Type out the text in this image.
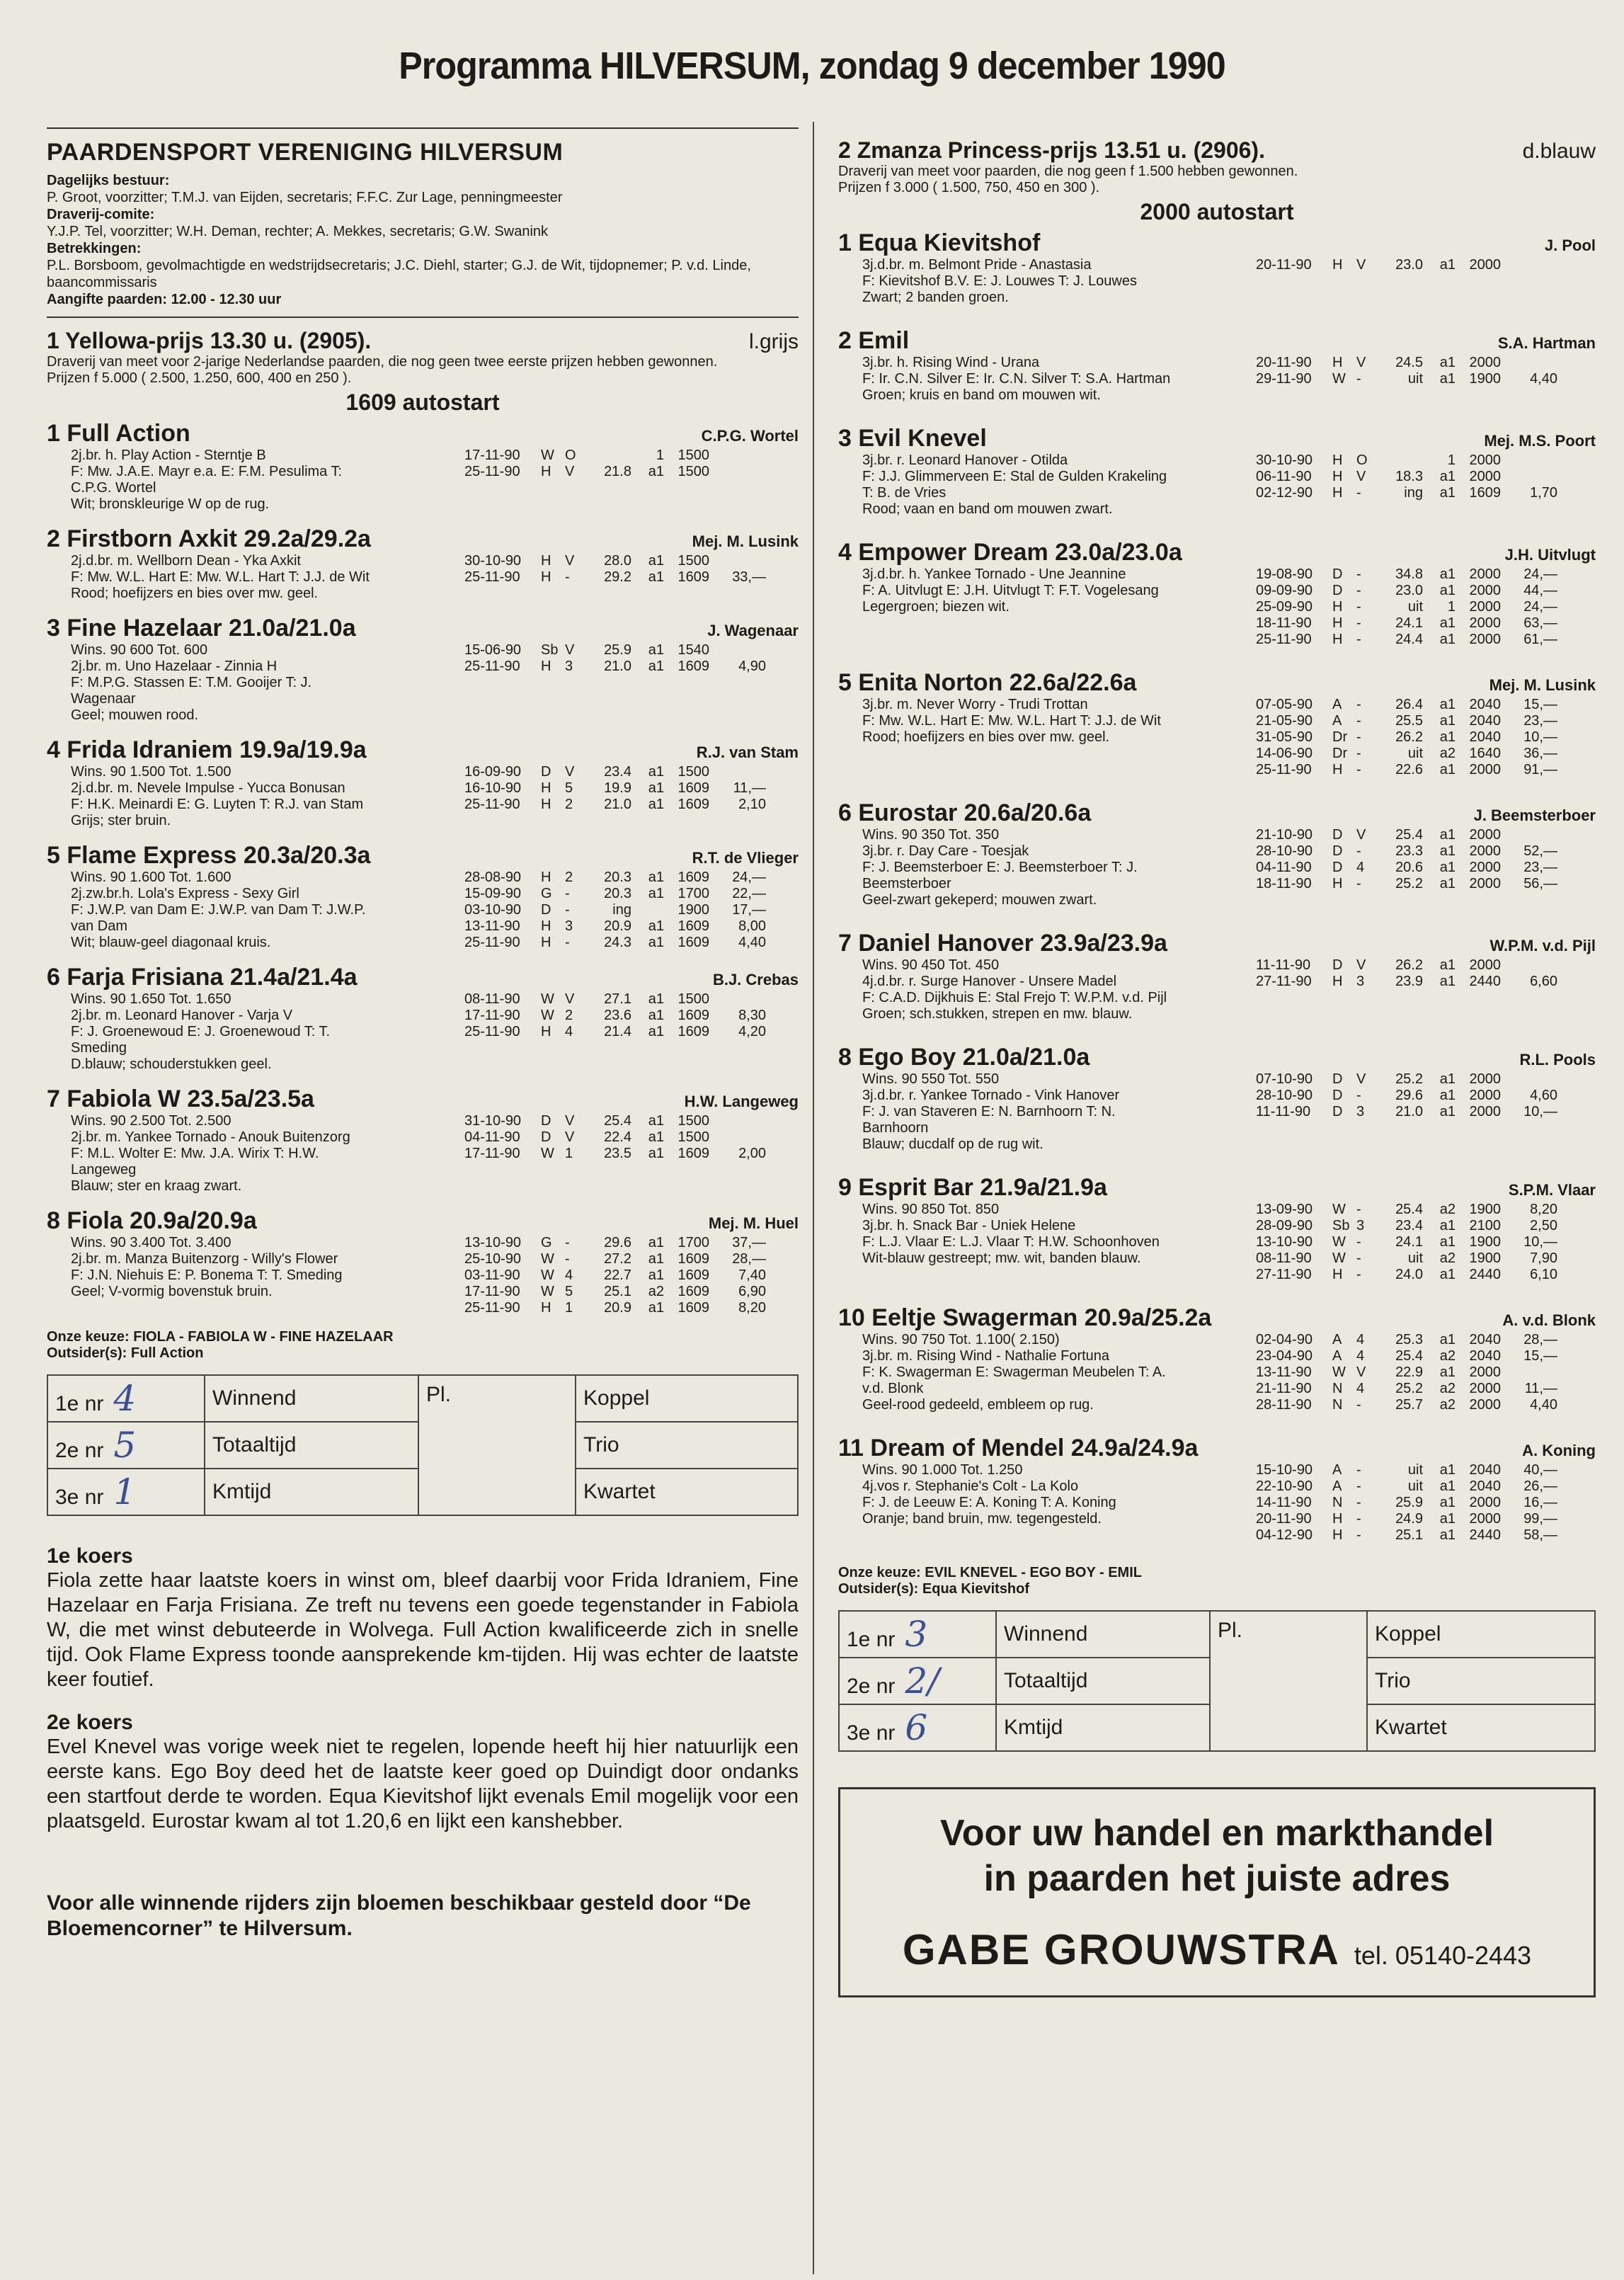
Programma HILVERSUM, zondag 9 december 1990
PAARDENSPORT VERENIGING HILVERSUM
Dagelijks bestuur:
P. Groot, voorzitter; T.M.J. van Eijden, secretaris; F.F.C. Zur Lage, penningmeester
Draverij-comite:
Y.J.P. Tel, voorzitter; W.H. Deman, rechter; A. Mekkes, secretaris; G.W. Swanink
Betrekkingen:
P.L. Borsboom, gevolmachtigde en wedstrijdsecretaris; J.C. Diehl, starter; G.J. de Wit, tijdopnemer; P. v.d. Linde, baancommissaris
Aangifte paarden: 12.00 - 12.30 uur
1 Yellowa-prijs 13.30 u. (2905).	l.grijs
Draverij van meet voor 2-jarige Nederlandse paarden, die nog geen twee eerste prijzen hebben gewonnen.
Prijzen f 5.000 ( 2.500, 1.250, 600, 400 en 250 ).
1609 autostart
1 Full Action	C.P.G. Wortel
2j.br. h. Play Action - Sterntje B
F: Mw. J.A.E. Mayr e.a. E: F.M. Pesulima T:
C.P.G. Wortel
Wit; bronskleurige W op de rug.
17-11-90	W O	1 1500
25-11-90	H V	21.8	a1 1500
2 Firstborn Axkit 29.2a/29.2a	Mej. M. Lusink
2j.d.br. m. Wellborn Dean - Yka Axkit
F: Mw. W.L. Hart E: Mw. W.L. Hart T: J.J. de Wit
Rood; hoefijzers en bies over mw. geel.
30-10-90	H V	28.0	a1 1500
25-11-90	H -	29.2	a1 1609	33,—
3 Fine Hazelaar 21.0a/21.0a	J. Wagenaar
Wins. 90 600 Tot. 600
2j.br. m. Uno Hazelaar - Zinnia H
F: M.P.G. Stassen E: T.M. Gooijer T: J.
Wagenaar
Geel; mouwen rood.
15-06-90	Sb V	25.9	a1 1540
25-11-90	H 3	21.0	a1 1609	4,90
4 Frida Idraniem 19.9a/19.9a	R.J. van Stam
Wins. 90 1.500 Tot. 1.500
2j.d.br. m. Nevele Impulse - Yucca Bonusan
F: H.K. Meinardi E: G. Luyten T: R.J. van Stam
Grijs; ster bruin.
16-09-90	D V	23.4	a1 1500
16-10-90	H 5	19.9	a1 1609	11,—
25-11-90	H 2	21.0	a1 1609	2,10
5 Flame Express 20.3a/20.3a	R.T. de Vlieger
Wins. 90 1.600 Tot. 1.600
2j.zw.br.h. Lola's Express - Sexy Girl
F: J.W.P. van Dam E: J.W.P. van Dam T: J.W.P.
van Dam
Wit; blauw-geel diagonaal kruis.
28-08-90	H 2	20.3	a1 1609	24,—
15-09-90	G -	20.3	a1 1700	22,—
03-10-90	D -	ing	1900	17,—
13-11-90	H 3	20.9	a1 1609	8,00
25-11-90	H -	24.3	a1 1609	4,40
6 Farja Frisiana 21.4a/21.4a	B.J. Crebas
Wins. 90 1.650 Tot. 1.650
2j.br. m. Leonard Hanover - Varja V
F: J. Groenewoud E: J. Groenewoud T: T.
Smeding
D.blauw; schouderstukken geel.
08-11-90	W V	27.1	a1 1500
17-11-90	W 2	23.6	a1 1609	8,30
25-11-90	H 4	21.4	a1 1609	4,20
7 Fabiola W 23.5a/23.5a	H.W. Langeweg
Wins. 90 2.500 Tot. 2.500
2j.br. m. Yankee Tornado - Anouk Buitenzorg
F: M.L. Wolter E: Mw. J.A. Wirix T: H.W.
Langeweg
Blauw; ster en kraag zwart.
31-10-90	D V	25.4	a1 1500
04-11-90	D V	22.4	a1 1500
17-11-90	W 1	23.5	a1 1609	2,00
8 Fiola 20.9a/20.9a	Mej. M. Huel
Wins. 90 3.400 Tot. 3.400
2j.br. m. Manza Buitenzorg - Willy's Flower
F: J.N. Niehuis E: P. Bonema T: T. Smeding
Geel; V-vormig bovenstuk bruin.
13-10-90	G -	29.6	a1 1700	37,—
25-10-90	W -	27.2	a1 1609	28,—
03-11-90	W 4	22.7	a1 1609	7,40
17-11-90	W 5	25.1	a2 1609	6,90
25-11-90	H 1	20.9	a1 1609	8,20
Onze keuze: FIOLA - FABIOLA W - FINE HAZELAAR
Outsider(s): Full Action
1e nr 4	Winnend	Pl.	Koppel
2e nr 5	Totaaltijd		Trio
3e nr 1	Kmtijd		Kwartet
1e koers
Fiola zette haar laatste koers in winst om, bleef daarbij voor Frida Idraniem, Fine Hazelaar en Farja Frisiana. Ze treft nu tevens een goede tegenstander in Fabiola W, die met winst debuteerde in Wolvega. Full Action kwalificeerde zich in snelle tijd. Ook Flame Express toonde aansprekende km-tijden. Hij was echter de laatste keer foutief.
2e koers
Evel Knevel was vorige week niet te regelen, lopende heeft hij hier natuurlijk een eerste kans. Ego Boy deed het de laatste keer goed op Duindigt door ondanks een startfout derde te worden. Equa Kievitshof lijkt evenals Emil mogelijk voor een plaatsgeld. Eurostar kwam al tot 1.20,6 en lijkt een kanshebber.
Voor alle winnende rijders zijn bloemen beschikbaar gesteld door “De Bloemencorner” te Hilversum.
2 Zmanza Princess-prijs 13.51 u. (2906).	d.blauw
Draverij van meet voor paarden, die nog geen f 1.500 hebben gewonnen.
Prijzen f 3.000 ( 1.500, 750, 450 en 300 ).
2000 autostart
1 Equa Kievitshof	J. Pool
3j.d.br. m. Belmont Pride - Anastasia
F: Kievitshof B.V. E: J. Louwes T: J. Louwes
Zwart; 2 banden groen.
20-11-90	H V	23.0	a1 2000
2 Emil	S.A. Hartman
3j.br. h. Rising Wind - Urana
F: Ir. C.N. Silver E: Ir. C.N. Silver T: S.A. Hartman
Groen; kruis en band om mouwen wit.
20-11-90	H V	24.5	a1 2000
29-11-90	W -	uit	a1 1900	4,40
3 Evil Knevel	Mej. M.S. Poort
3j.br. r. Leonard Hanover - Otilda
F: J.J. Glimmerveen E: Stal de Gulden Krakeling
T: B. de Vries
Rood; vaan en band om mouwen zwart.
30-10-90	H O	1 2000
06-11-90	H V	18.3	a1 2000
02-12-90	H -	ing	a1 1609	1,70
4 Empower Dream 23.0a/23.0a	J.H. Uitvlugt
3j.d.br. h. Yankee Tornado - Une Jeannine
F: A. Uitvlugt E: J.H. Uitvlugt T: F.T. Vogelesang
Legergroen; biezen wit.
19-08-90	D -	34.8	a1 2000	24,—
09-09-90	D -	23.0	a1 2000	44,—
25-09-90	H -	uit	1 2000	24,—
18-11-90	H -	24.1	a1 2000	63,—
25-11-90	H -	24.4	a1 2000	61,—
5 Enita Norton 22.6a/22.6a	Mej. M. Lusink
3j.br. m. Never Worry - Trudi Trottan
F: Mw. W.L. Hart E: Mw. W.L. Hart T: J.J. de Wit
Rood; hoefijzers en bies over mw. geel.
07-05-90	A	-	26.4	a1 2040	15,—
21-05-90	A	-	25.5	a1 2040	23,—
31-05-90	Dr -	26.2	a1 2040	10,—
14-06-90	Dr -	uit	a2 1640	36,—
25-11-90	H -	22.6	a1 2000	91,—
6 Eurostar 20.6a/20.6a	J. Beemsterboer
Wins. 90 350 Tot. 350
3j.br. r. Day Care - Toesjak
F: J. Beemsterboer E: J. Beemsterboer T: J.
Beemsterboer
Geel-zwart gekeperd; mouwen zwart.
21-10-90	D V	25.4	a1 2000
28-10-90	D -	23.3	a1 2000	52,—
04-11-90	D 4	20.6	a1 2000	23,—
18-11-90	H -	25.2	a1 2000	56,—
7 Daniel Hanover 23.9a/23.9a	W.P.M. v.d. Pijl
Wins. 90 450 Tot. 450
4j.d.br. r. Surge Hanover - Unsere Madel
F: C.A.D. Dijkhuis E: Stal Frejo T: W.P.M. v.d. Pijl
Groen; sch.stukken, strepen en mw. blauw.
11-11-90	D V	26.2	a1 2000
27-11-90	H 3	23.9	a1 2440	6,60
8 Ego Boy 21.0a/21.0a	R.L. Pools
Wins. 90 550 Tot. 550
3j.d.br. r. Yankee Tornado - Vink Hanover
F: J. van Staveren E: N. Barnhoorn T: N.
Barnhoorn
Blauw; ducdalf op de rug wit.
07-10-90	D V	25.2	a1 2000
28-10-90	D -	29.6	a1 2000	4,60
11-11-90	D 3	21.0	a1 2000	10,—
9 Esprit Bar 21.9a/21.9a	S.P.M. Vlaar
Wins. 90 850 Tot. 850
3j.br. h. Snack Bar - Uniek Helene
F: L.J. Vlaar E: L.J. Vlaar T: H.W. Schoonhoven
Wit-blauw gestreept; mw. wit, banden blauw.
13-09-90	W -	25.4	a2 1900	8,20
28-09-90	Sb 3	23.4	a1 2100	2,50
13-10-90	W -	24.1	a1 1900	10,—
08-11-90	W -	uit	a2 1900	7,90
27-11-90	H -	24.0	a1 2440	6,10
10 Eeltje Swagerman 20.9a/25.2a	A. v.d. Blonk
Wins. 90 750 Tot. 1.100( 2.150)
3j.br. m. Rising Wind - Nathalie Fortuna
F: K. Swagerman E: Swagerman Meubelen T: A.
v.d. Blonk
Geel-rood gedeeld, embleem op rug.
02-04-90	A	4	25.3	a1 2040	28,—
23-04-90	A	4	25.4	a2 2040	15,—
13-11-90	W V	22.9	a1 2000
21-11-90	N 4	25.2	a2 2000	11,—
28-11-90	N -	25.7	a2 2000	4,40
11 Dream of Mendel 24.9a/24.9a	A. Koning
Wins. 90 1.000 Tot. 1.250
4j.vos r. Stephanie's Colt - La Kolo
F: J. de Leeuw E: A. Koning T: A. Koning
Oranje; band bruin, mw. tegengesteld.
15-10-90	A	-	uit	a1 2040	40,—
22-10-90	A	-	uit	a1 2040	26,—
14-11-90	N -	25.9	a1 2000	16,—
20-11-90	H -	24.9	a1 2000	99,—
04-12-90	H -	25.1	a1 2440	58,—
Onze keuze: EVIL KNEVEL - EGO BOY - EMIL
Outsider(s): Equa Kievitshof
1e nr 3	Winnend	Pl.	Koppel
2e nr 2/	Totaaltijd		Trio
3e nr 6	Kmtijd		Kwartet
Voor uw handel en markthandel
in paarden het juiste adres
GABE GROUWSTRA tel. 05140-2443
